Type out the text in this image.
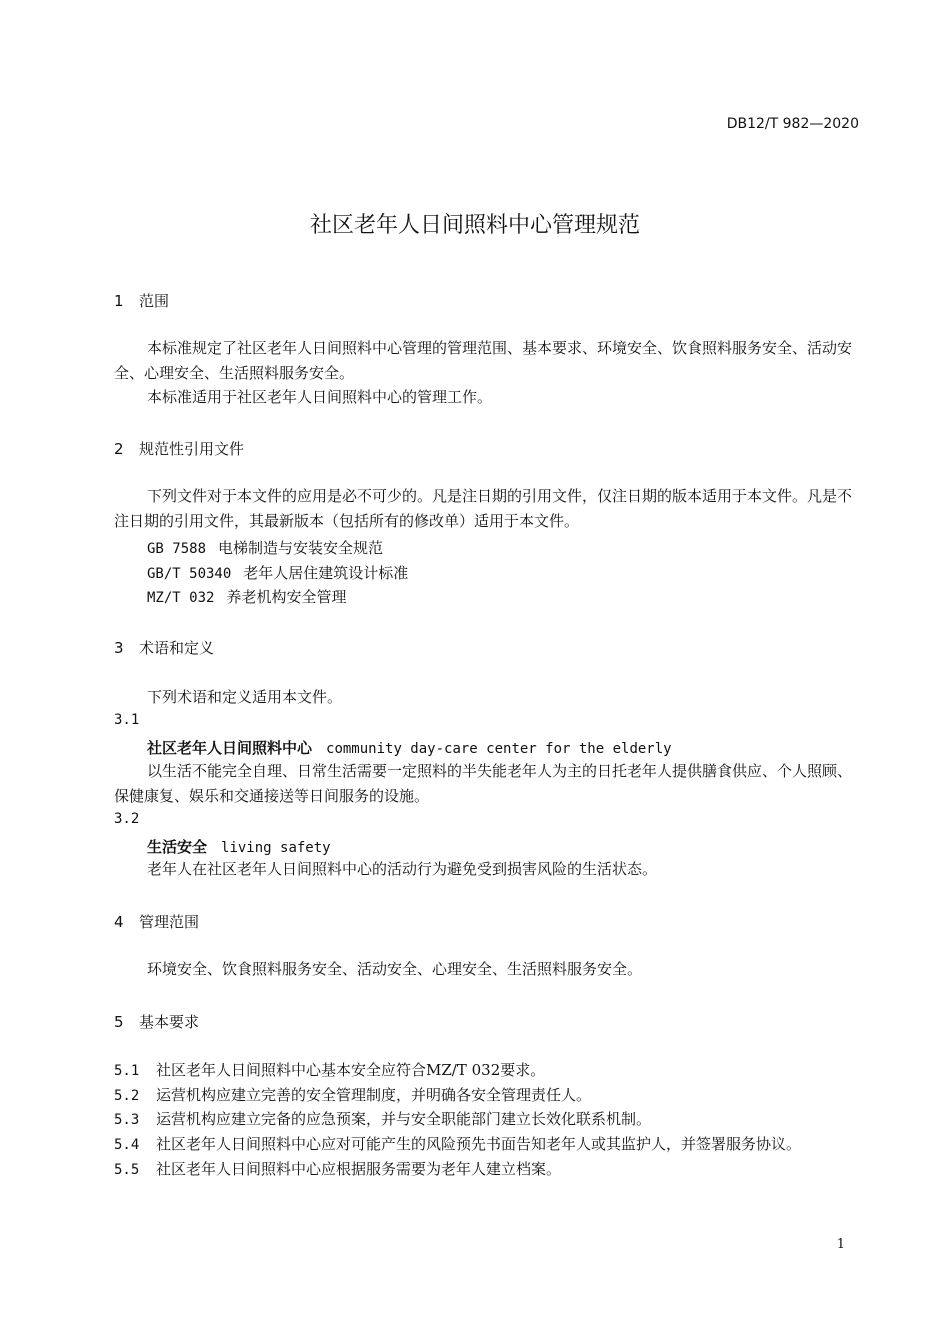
DB12/T 982—2020
社区老年人日间照料中心管理规范
1 范围
本标准规定了社区老年人日间照料中心管理的管理范围、基本要求、环境安全、饮食照料服务安全、活动安全、心理安全、生活照料服务安全。
本标准适用于社区老年人日间照料中心的管理工作。
2 规范性引用文件
下列文件对于本文件的应用是必不可少的。凡是注日期的引用文件，仅注日期的版本适用于本文件。凡是不注日期的引用文件，其最新版本（包括所有的修改单）适用于本文件。
GB 7588 电梯制造与安装安全规范
GB/T 50340 老年人居住建筑设计标准
MZ/T 032 养老机构安全管理
3 术语和定义
下列术语和定义适用本文件。
3.1
社区老年人日间照料中心 community day-care center for the elderly
以生活不能完全自理、日常生活需要一定照料的半失能老年人为主的日托老年人提供膳食供应、个人照顾、保健康复、娱乐和交通接送等日间服务的设施。
3.2
生活安全 living safety
老年人在社区老年人日间照料中心的活动行为避免受到损害风险的生活状态。
4 管理范围
环境安全、饮食照料服务安全、活动安全、心理安全、生活照料服务安全。
5 基本要求
5.1 社区老年人日间照料中心基本安全应符合MZ/T 032要求。
5.2 运营机构应建立完善的安全管理制度，并明确各安全管理责任人。
5.3 运营机构应建立完备的应急预案，并与安全职能部门建立长效化联系机制。
5.4 社区老年人日间照料中心应对可能产生的风险预先书面告知老年人或其监护人，并签署服务协议。
5.5 社区老年人日间照料中心应根据服务需要为老年人建立档案。
1
